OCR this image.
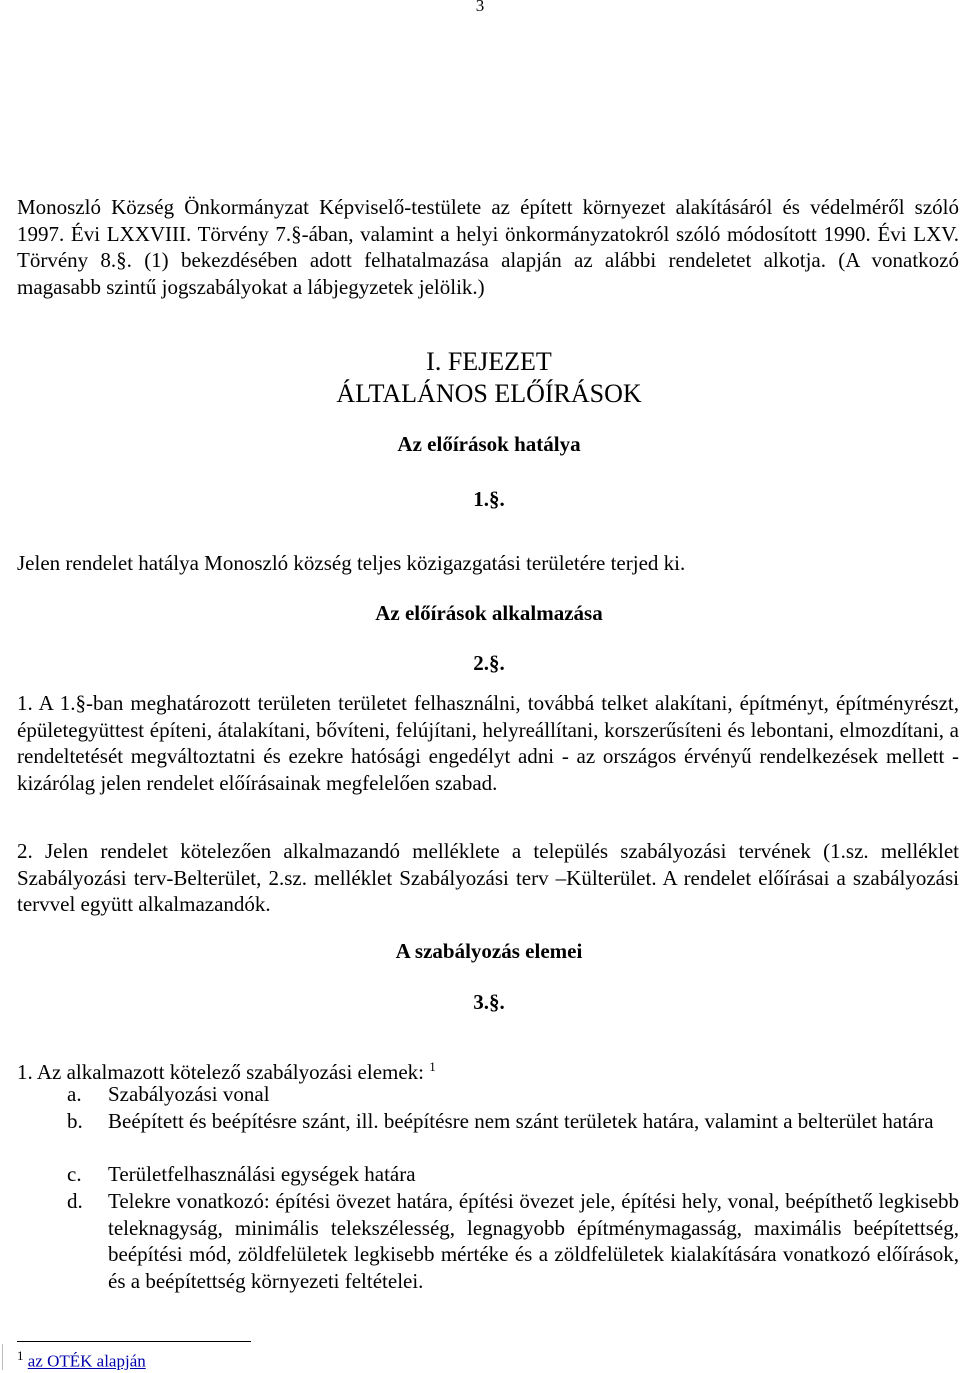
3

Monoszló Község Önkormányzat Képviselő-testülete az épített környezet alakításáról és védelméről szóló 1997. Évi LXXVIII. Törvény 7.§-ában, valamint a helyi önkormányzatokról szóló módosított 1990. Évi LXV. Törvény 8.§. (1) bekezdésében adott felhatalmazása alapján az alábbi rendeletet alkotja. (A vonatkozó magasabb szintű jogszabályokat a lábjegyzetek jelölik.)

I. FEJEZET
ÁLTALÁNOS ELŐÍRÁSOK
Az előírások hatálya
1.§.

Jelen rendelet hatálya Monoszló község teljes közigazgatási területére terjed ki.

Az előírások alkalmazása
2.§.

1. A 1.§-ban meghatározott területen területet felhasználni, továbbá telket alakítani, építményt, építményrészt, épületegyüttest építeni, átalakítani, bővíteni, felújítani, helyreállítani, korszerűsíteni és lebontani, elmozdítani, a rendeltetését megváltoztatni és ezekre hatósági engedélyt adni - az országos érvényű rendelkezések mellett - kizárólag jelen rendelet előírásainak megfelelően szabad.

2. Jelen rendelet kötelezően alkalmazandó melléklete a település szabályozási tervének (1.sz. melléklet Szabályozási terv-Belterület, 2.sz. melléklet Szabályozási terv –Külterület. A rendelet előírásai a szabályozási tervvel együtt alkalmazandók.

A szabályozás elemei
3.§.

1. Az alkalmazott kötelező szabályozási elemek: $^1$

a. Szabályozási vonal
b. Beépített és beépítésre szánt, ill. beépítésre nem szánt területek határa, valamint a belterület határa
c. Területfelhasználási egységek határa
d. Telekre vonatkozó: építési övezet határa, építési övezet jele, építési hely, vonal, beépíthető legkisebb teleknagyság, minimális telekszélesség, legnagyobb építménymagasság, maximális beépítettség, beépítési mód, zöldfelületek legkisebb mértéke és a zöldfelületek kialakítására vonatkozó előírások, és a beépítettség környezeti feltételei.

$^1$ az OTÉK alapján
